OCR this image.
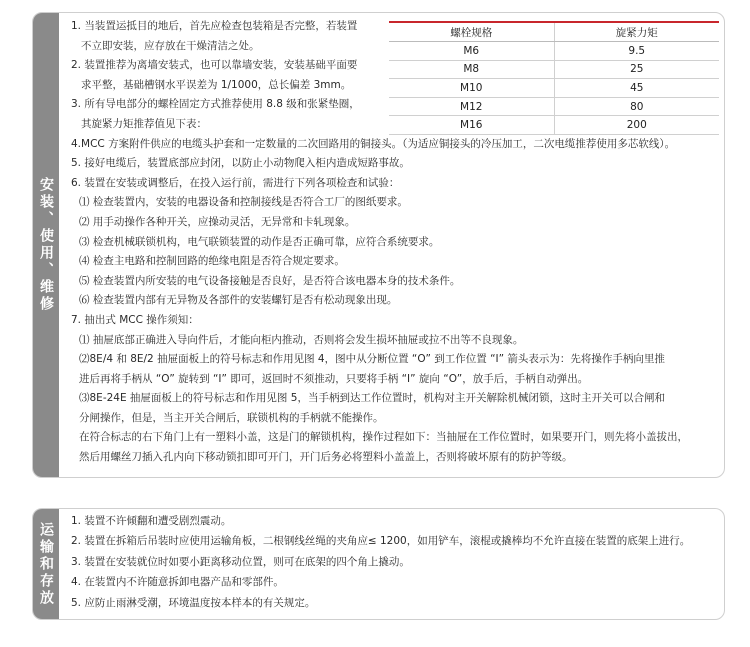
安装、使用、维修
1. 当装置运抵目的地后，首先应检查包装箱是否完整，若装置
不立即安装，应存放在干燥清洁之处。
2. 装置推荐为离墙安装式，也可以靠墙安装，安装基础平面要
求平整，基础槽钢水平误差为 1/1000，总长偏差 3mm。
3. 所有导电部分的螺栓固定方式推荐使用 8.8 级和张紧垫圈，
其旋紧力矩推荐值见下表：
4.MCC 方案附件供应的电缆头护套和一定数量的二次回路用的铜接头。（为适应铜接头的冷压加工，二次电缆推荐使用多芯软线）。
5. 接好电缆后，装置底部应封闭，以防止小动物爬入柜内造成短路事故。
6. 装置在安装或调整后，在投入运行前，需进行下列各项检查和试验：
⑴ 检查装置内，安装的电器设备和控制接线是否符合工厂的图纸要求。
⑵ 用手动操作各种开关，应操动灵活，无异常和卡轧现象。
⑶ 检查机械联锁机构，电气联锁装置的动作是否正确可靠，应符合系统要求。
⑷ 检查主电路和控制回路的绝缘电阻是否符合规定要求。
⑸ 检查装置内所安装的电气设备接触是否良好，是否符合该电器本身的技术条件。
⑹ 检查装置内部有无异物及各部件的安装螺钉是否有松动现象出现。
7. 抽出式 MCC 操作须知：
⑴ 抽屉底部正确进入导向件后，才能向柜内推动，否则将会发生损坏抽屉或拉不出等不良现象。
⑵8E/4 和 8E/2 抽屉面板上的符号标志和作用见图 4，图中从分断位置 “O” 到工作位置 “I” 箭头表示为：先将操作手柄向里推
进后再将手柄从 “O” 旋转到 “I” 即可，返回时不须推动，只要将手柄 “I” 旋向 “O”，放手后，手柄自动弹出。
⑶8E-24E 抽屉面板上的符号标志和作用见图 5，当手柄到达工作位置时，机构对主开关解除机械闭锁，这时主开关可以合闸和
分闸操作，但是，当主开关合闸后，联锁机构的手柄就不能操作。
在符合标志的右下角门上有一塑料小盖，这是门的解锁机构，操作过程如下：当抽屉在工作位置时，如果要开门，则先将小盖拔出，
然后用螺丝刀插入孔内向下移动锁扣即可开门，开门后务必将塑料小盖盖上，否则将破坏原有的防护等级。
螺栓规格	旋紧力矩
M6	9.5
M8	25
M10	45
M12	80
M16	200
运输和存放
1. 装置不许倾翻和遭受剧烈震动。
2. 装置在拆箱后吊装时应使用运输角板，二根钢线丝绳的夹角应≤ 1200，如用铲车，滚棍或撬棒均不允许直接在装置的底架上进行。
3. 装置在安装就位时如要小距离移动位置，则可在底架的四个角上撬动。
4. 在装置内不许随意拆卸电器产品和零部件。
5. 应防止雨淋受潮，环境温度按本样本的有关规定。
